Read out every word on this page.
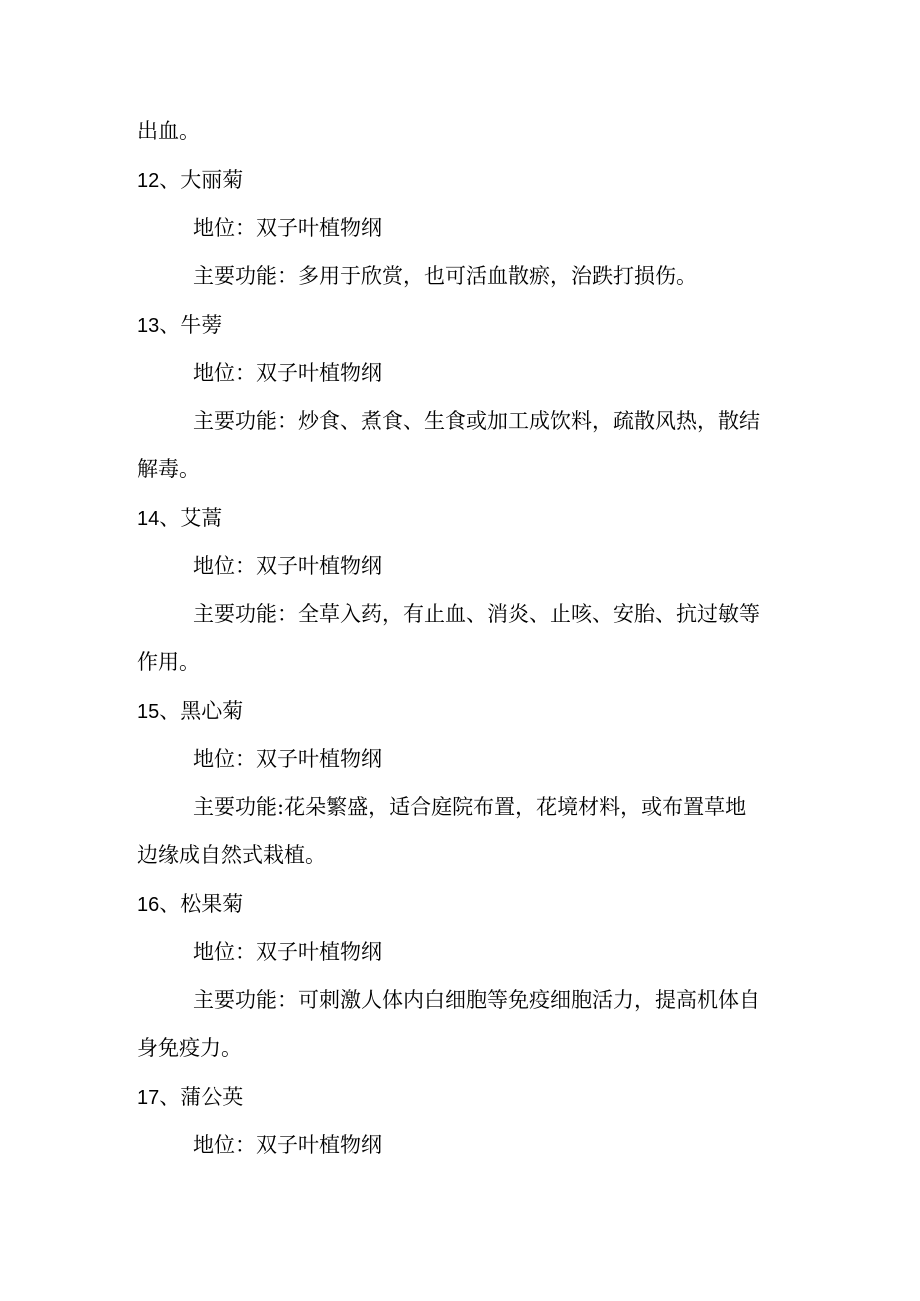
出血。
12、大丽菊
地位：双子叶植物纲
主要功能：多用于欣赏，也可活血散瘀，治跌打损伤。
13、牛蒡
地位：双子叶植物纲
主要功能：炒食、煮食、生食或加工成饮料，疏散风热，散结
解毒。
14、艾蒿
地位：双子叶植物纲
主要功能：全草入药，有止血、消炎、止咳、安胎、抗过敏等
作用。
15、黑心菊
地位：双子叶植物纲
主要功能:花朵繁盛，适合庭院布置，花境材料，或布置草地
边缘成自然式栽植。
16、松果菊
地位：双子叶植物纲
主要功能：可刺激人体内白细胞等免疫细胞活力，提高机体自
身免疫力。
17、蒲公英
地位：双子叶植物纲
